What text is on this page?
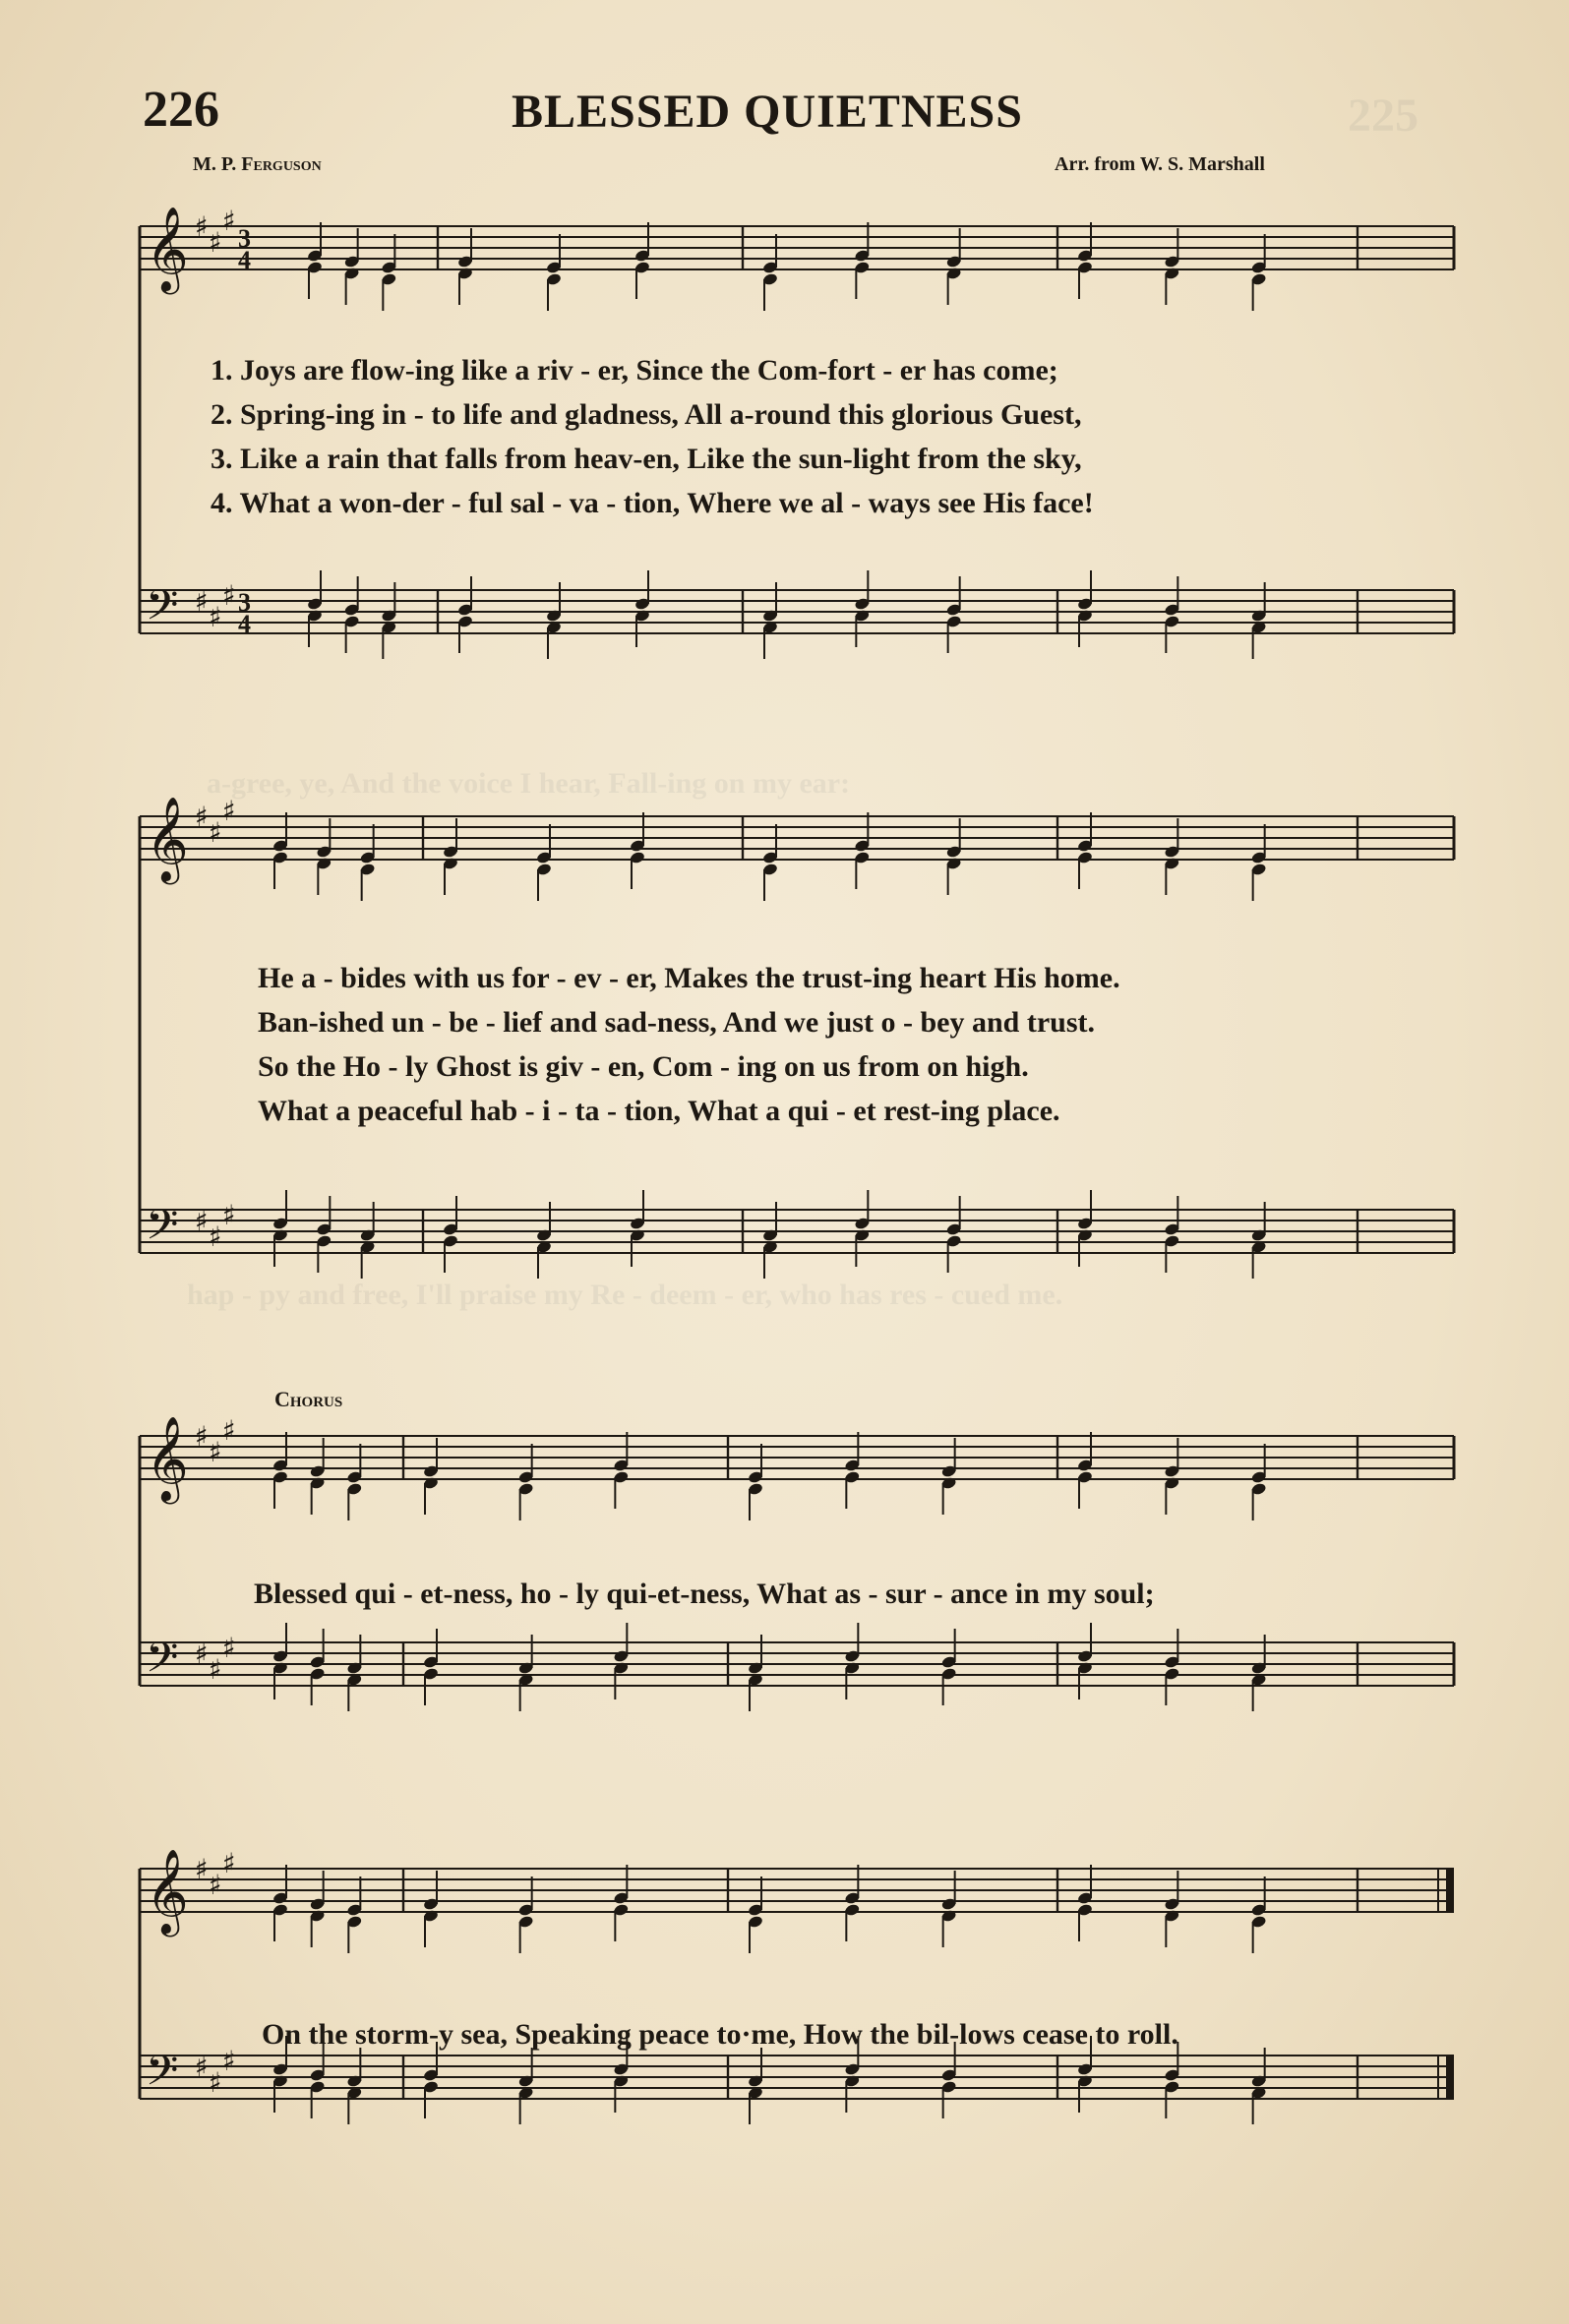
225
a-gree, ye, And the voice I hear, Fall-ing on my ear:
hap - py and free, I'll praise my Re - deem - er, who has res - cued me.
226	BLESSED QUIETNESS
M. P. Ferguson	Arr. from W. S. Marshall
𝄞 ♯ ♯
♯
3
4
𝄢 ♯ ♯
♯ 3
4
1. Joys are flow-ing like a riv - er, Since the Com-fort - er has come;
2. Spring-ing in - to life and gladness, All a-round this glorious Guest,
3. Like a rain that falls from heav-en, Like the sun-light from the sky,
4. What a won-der - ful sal - va - tion, Where we al - ways see His face!
𝄞 ♯ ♯
♯
𝄢 ♯ ♯
♯
He a - bides with us for - ev - er, Makes the trust-ing heart His home.
Ban-ished un - be - lief and sad-ness, And we just o - bey and trust.
So the Ho - ly Ghost is giv - en, Com - ing on us from on high.
What a peaceful hab - i - ta - tion, What a qui - et rest-ing place.
Chorus
𝄞 ♯ ♯
♯
𝄢 ♯ ♯
♯
Blessed qui - et-ness, ho - ly qui-et-ness, What as - sur - ance in my soul;
𝄞 ♯ ♯
♯
𝄢 ♯ ♯
♯
On the storm-y sea, Speaking peace to·me, How the bil-lows cease to roll.
